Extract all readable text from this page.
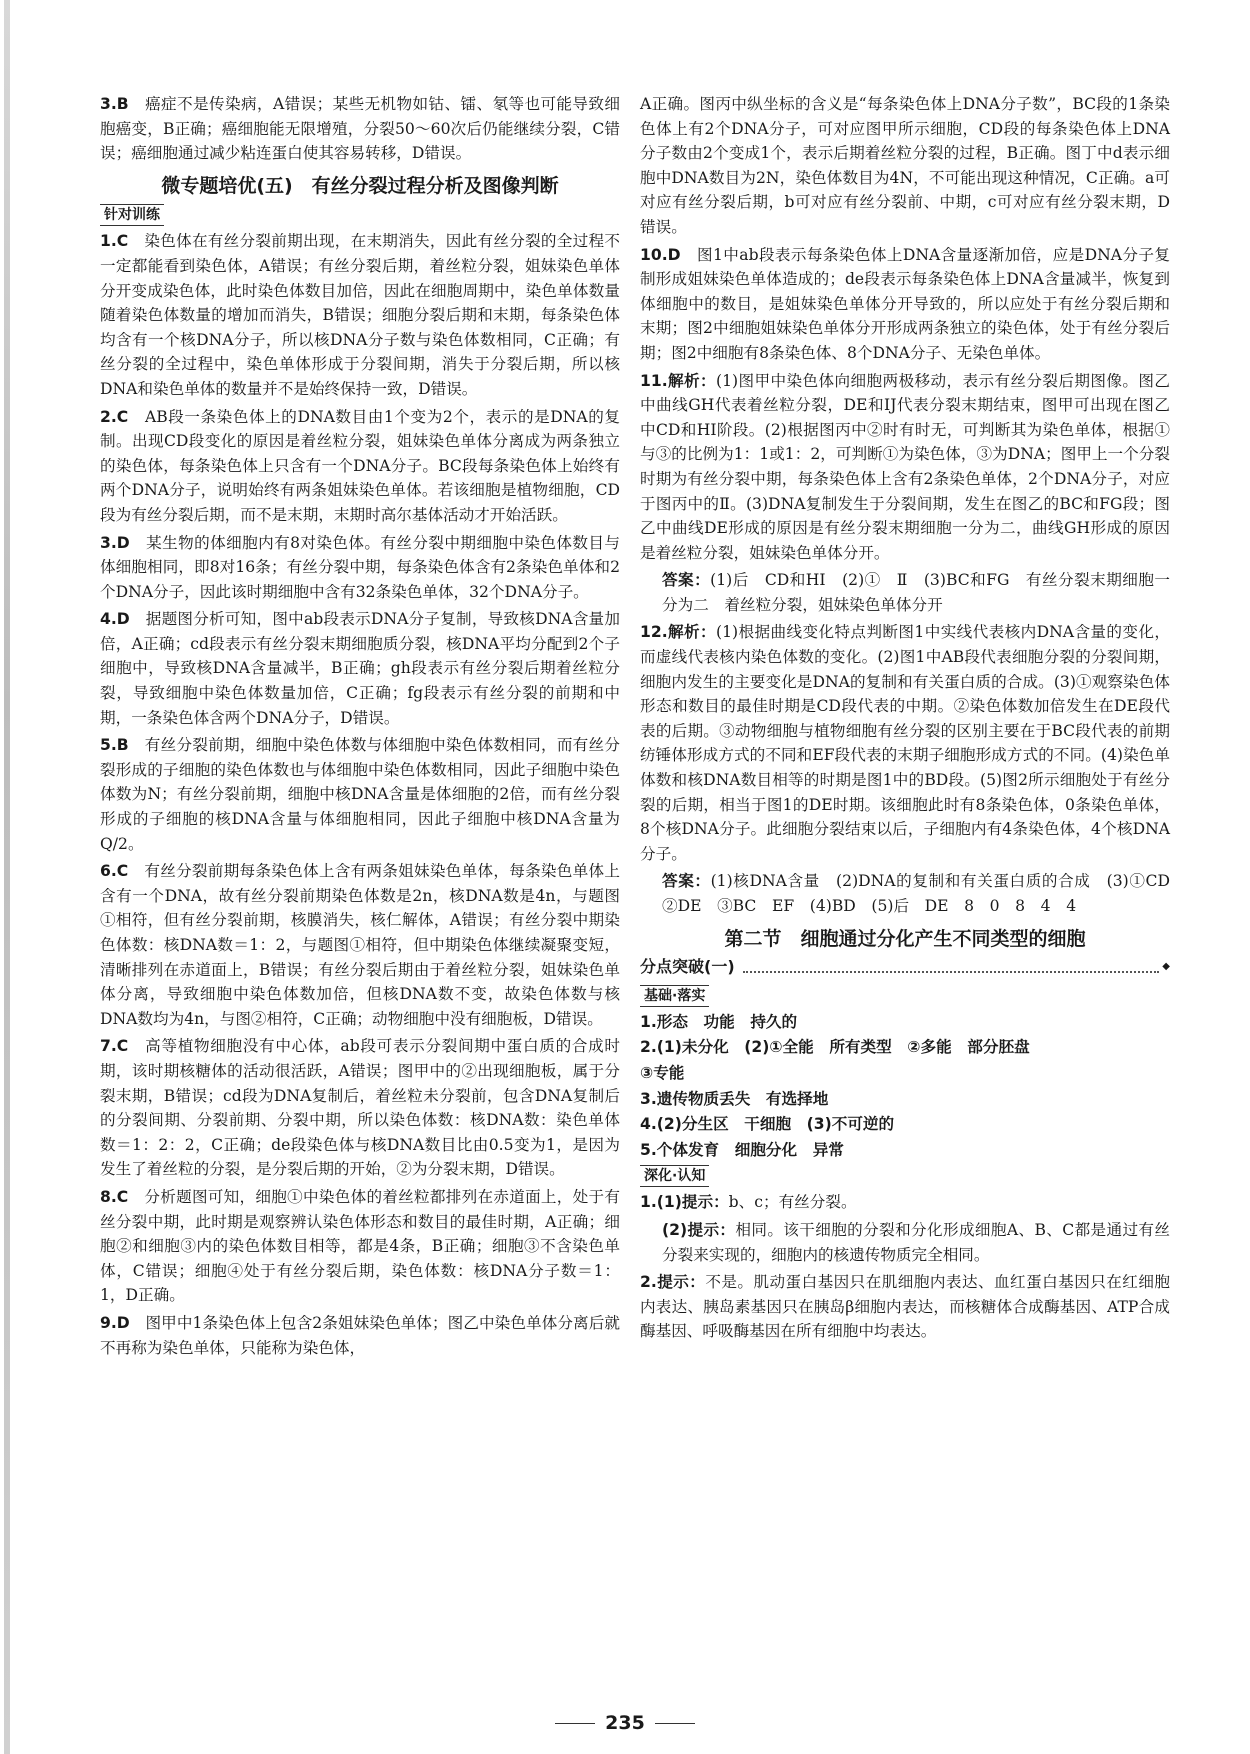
3.B　 癌症不是传染病，A错误；某些无机物如钴、镭、氡等也可能导致细胞癌变，B正确；癌细胞能无限增殖，分裂50～60次后仍能继续分裂，C错误；癌细胞通过减少粘连蛋白使其容易转移，D错误。
微专题培优(五)　有丝分裂过程分析及图像判断
针对训练
1.C　 染色体在有丝分裂前期出现，在末期消失，因此有丝分裂的全过程不一定都能看到染色体，A错误；有丝分裂后期，着丝粒分裂，姐妹染色单体分开变成染色体，此时染色体数目加倍，因此在细胞周期中，染色单体数量随着染色体数量的增加而消失，B错误；细胞分裂后期和末期，每条染色体均含有一个核DNA分子，所以核DNA分子数与染色体数相同，C正确；有丝分裂的全过程中，染色单体形成于分裂间期，消失于分裂后期，所以核DNA和染色单体的数量并不是始终保持一致，D错误。
2.C　 AB段一条染色体上的DNA数目由1个变为2个，表示的是DNA的复制。出现CD段变化的原因是着丝粒分裂，姐妹染色单体分离成为两条独立的染色体，每条染色体上只含有一个DNA分子。BC段每条染色体上始终有两个DNA分子，说明始终有两条姐妹染色单体。若该细胞是植物细胞，CD段为有丝分裂后期，而不是末期，末期时高尔基体活动才开始活跃。
3.D　 某生物的体细胞内有8对染色体。有丝分裂中期细胞中染色体数目与体细胞相同，即8对16条；有丝分裂中期，每条染色体含有2条染色单体和2个DNA分子，因此该时期细胞中含有32条染色单体，32个DNA分子。
4.D　 据题图分析可知，图中ab段表示DNA分子复制，导致核DNA含量加倍，A正确；cd段表示有丝分裂末期细胞质分裂，核DNA平均分配到2个子细胞中，导致核DNA含量减半，B正确；gh段表示有丝分裂后期着丝粒分裂，导致细胞中染色体数量加倍，C正确；fg段表示有丝分裂的前期和中期，一条染色体含两个DNA分子，D错误。
5.B　 有丝分裂前期，细胞中染色体数与体细胞中染色体数相同，而有丝分裂形成的子细胞的染色体数也与体细胞中染色体数相同，因此子细胞中染色体数为N；有丝分裂前期，细胞中核DNA含量是体细胞的2倍，而有丝分裂形成的子细胞的核DNA含量与体细胞相同，因此子细胞中核DNA含量为Q/2。
6.C　 有丝分裂前期每条染色体上含有两条姐妹染色单体，每条染色单体上含有一个DNA，故有丝分裂前期染色体数是2n，核DNA数是4n，与题图①相符，但有丝分裂前期，核膜消失，核仁解体，A错误；有丝分裂中期染色体数：核DNA数＝1：2，与题图①相符，但中期染色体继续凝聚变短，清晰排列在赤道面上，B错误；有丝分裂后期由于着丝粒分裂，姐妹染色单体分离，导致细胞中染色体数加倍，但核DNA数不变，故染色体数与核DNA数均为4n，与图②相符，C正确；动物细胞中没有细胞板，D错误。
7.C　 高等植物细胞没有中心体，ab段可表示分裂间期中蛋白质的合成时期，该时期核糖体的活动很活跃，A错误；图甲中的②出现细胞板，属于分裂末期，B错误；cd段为DNA复制后，着丝粒未分裂前，包含DNA复制后的分裂间期、分裂前期、分裂中期，所以染色体数：核DNA数：染色单体数＝1：2：2，C正确；de段染色体与核DNA数目比由0.5变为1，是因为发生了着丝粒的分裂，是分裂后期的开始，②为分裂末期，D错误。
8.C　 分析题图可知，细胞①中染色体的着丝粒都排列在赤道面上，处于有丝分裂中期，此时期是观察辨认染色体形态和数目的最佳时期，A正确；细胞②和细胞③内的染色体数目相等，都是4条，B正确；细胞③不含染色单体，C错误；细胞④处于有丝分裂后期，染色体数：核DNA分子数＝1：1，D正确。
9.D　 图甲中1条染色体上包含2条姐妹染色单体；图乙中染色单体分离后就不再称为染色单体，只能称为染色体，
A正确。图丙中纵坐标的含义是“每条染色体上DNA分子数”，BC段的1条染色体上有2个DNA分子，可对应图甲所示细胞，CD段的每条染色体上DNA分子数由2个变成1个，表示后期着丝粒分裂的过程，B正确。图丁中d表示细胞中DNA数目为2N，染色体数目为4N，不可能出现这种情况，C正确。a可对应有丝分裂后期，b可对应有丝分裂前、中期，c可对应有丝分裂末期，D错误。
10.D　 图1中ab段表示每条染色体上DNA含量逐渐加倍，应是DNA分子复制形成姐妹染色单体造成的；de段表示每条染色体上DNA含量减半，恢复到体细胞中的数目，是姐妹染色单体分开导致的，所以应处于有丝分裂后期和末期；图2中细胞姐妹染色单体分开形成两条独立的染色体，处于有丝分裂后期；图2中细胞有8条染色体、8个DNA分子、无染色单体。
11.解析：(1)图甲中染色体向细胞两极移动，表示有丝分裂后期图像。图乙中曲线GH代表着丝粒分裂，DE和IJ代表分裂末期结束，图甲可出现在图乙中CD和HI阶段。(2)根据图丙中②时有时无，可判断其为染色单体，根据①与③的比例为1：1或1：2，可判断①为染色体，③为DNA；图甲上一个分裂时期为有丝分裂中期，每条染色体上含有2条染色单体，2个DNA分子，对应于图丙中的Ⅱ。(3)DNA复制发生于分裂间期，发生在图乙的BC和FG段；图乙中曲线DE形成的原因是有丝分裂末期细胞一分为二，曲线GH形成的原因是着丝粒分裂，姐妹染色单体分开。
答案：(1)后　CD和HI　(2)①　Ⅱ　(3)BC和FG　有丝分裂末期细胞一分为二　着丝粒分裂，姐妹染色单体分开
12.解析：(1)根据曲线变化特点判断图1中实线代表核内DNA含量的变化，而虚线代表核内染色体数的变化。(2)图1中AB段代表细胞分裂的分裂间期，细胞内发生的主要变化是DNA的复制和有关蛋白质的合成。(3)①观察染色体形态和数目的最佳时期是CD段代表的中期。②染色体数加倍发生在DE段代表的后期。③动物细胞与植物细胞有丝分裂的区别主要在于BC段代表的前期纺锤体形成方式的不同和EF段代表的末期子细胞形成方式的不同。(4)染色单体数和核DNA数目相等的时期是图1中的BD段。(5)图2所示细胞处于有丝分裂的后期，相当于图1的DE时期。该细胞此时有8条染色体，0条染色单体，8个核DNA分子。此细胞分裂结束以后，子细胞内有4条染色体，4个核DNA分子。
答案：(1)核DNA含量　(2)DNA的复制和有关蛋白质的合成　(3)①CD　②DE　③BC　EF　(4)BD　(5)后　DE　8　0　8　4　4
第二节　细胞通过分化产生不同类型的细胞
分点突破(一)	◆
基础·落实
1.形态　功能　持久的
2.(1)未分化　(2)①全能　所有类型　②多能　部分胚盘
③专能
3.遗传物质丢失　有选择地
4.(2)分生区　干细胞　(3)不可逆的
5.个体发育　细胞分化　异常
深化·认知
1.(1)提示：b、c；有丝分裂。
(2)提示：相同。该干细胞的分裂和分化形成细胞A、B、C都是通过有丝分裂来实现的，细胞内的核遗传物质完全相同。
2.提示：不是。肌动蛋白基因只在肌细胞内表达、血红蛋白基因只在红细胞内表达、胰岛素基因只在胰岛β细胞内表达，而核糖体合成酶基因、ATP合成酶基因、呼吸酶基因在所有细胞中均表达。
235
